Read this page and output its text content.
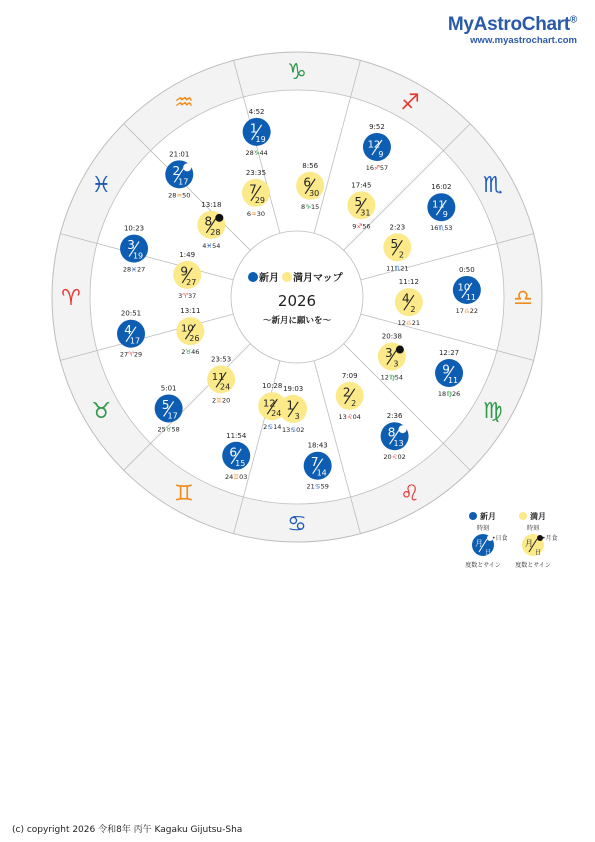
MyAstroChart®
www.myastrochart.com
♈
♉
♊
♋
♌
♍
♎
♏
♐
♑
♒
♓
新月 満月マップ
2026
〜新月に願いを〜
4:52
1
19
28♑44
21:01
2
17
28♒50
10:23
3
19
28♓27
20:51
4
17
27♈29
5:01
5
17
25♉58
11:54
6
15
24♊03
18:43
7
14
21♋59
2:36
8
13
20♌02
12:27
9
11
18♍26
0:50
10
11
17♎22
16:02
11
9
16♏53
9:52
12
9
16♐57
19:03
1
3
13♋02
7:09
2
2
13♌04
20:38
3
3
12♍54
11:12
4
2
12♎21
2:23
5
2
11♏21
17:45
5
31
9♐56
8:56
6
30
8♑15
23:35
7
29
6♒30
13:18
8
28
4♓54
1:49
9
27
3♈37
13:11
10
26
2♉46
23:53
11
24
2♊20
10:28
12
24
2♋14
新月
時刻
月
日
•日食
度数とサイン
満月
時刻
月
日
•月食
度数とサイン
(c) copyright 2026 令和8年 丙午 Kagaku Gijutsu-Sha
